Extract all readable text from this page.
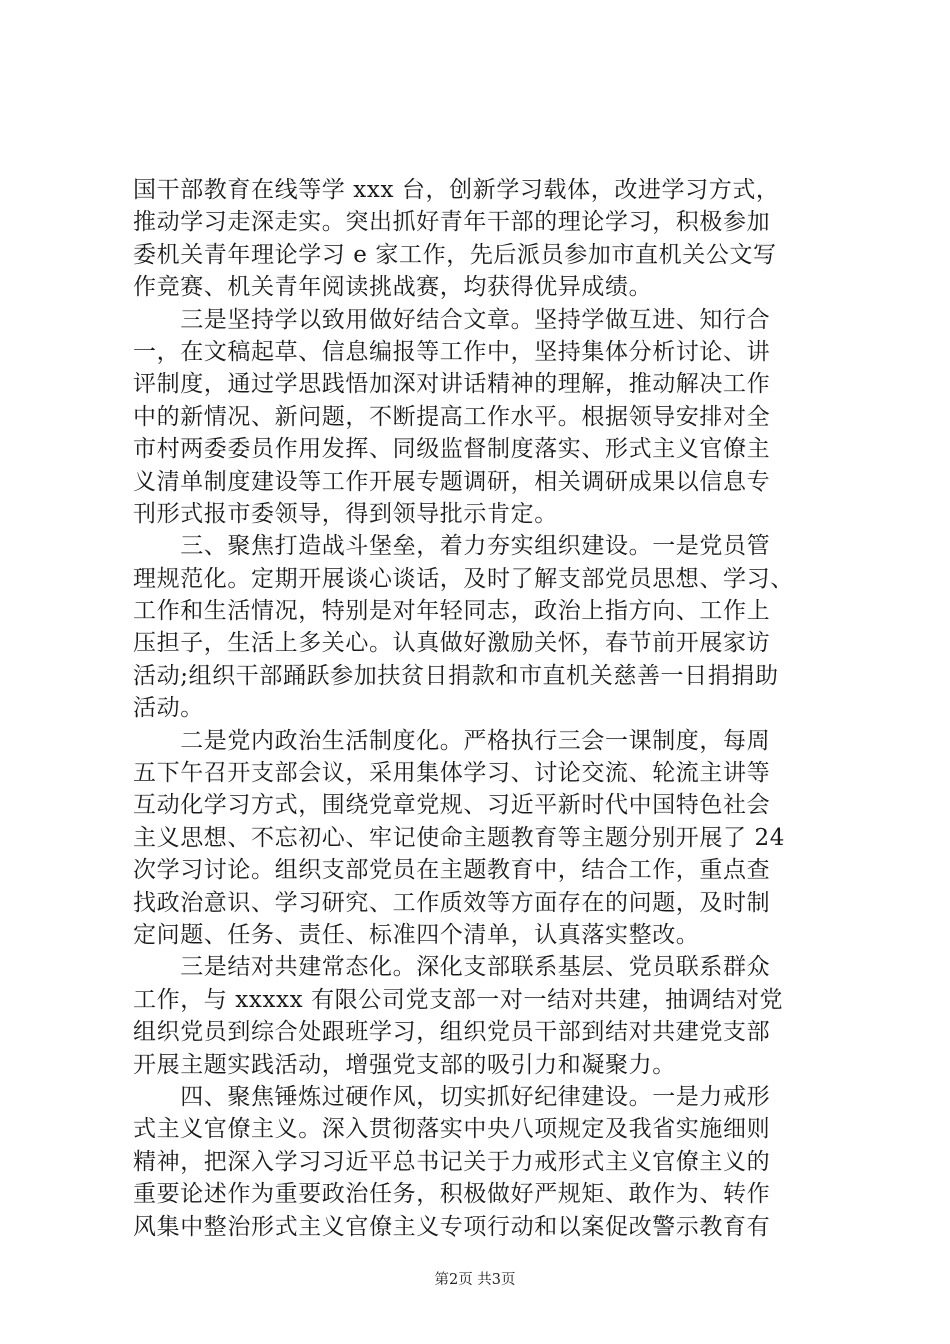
国干部教育在线等学 xxx 台，创新学习载体，改进学习方式，
推动学习走深走实。突出抓好青年干部的理论学习，积极参加
委机关青年理论学习 e 家工作，先后派员参加市直机关公文写
作竞赛、机关青年阅读挑战赛，均获得优异成绩。
　　三是坚持学以致用做好结合文章。坚持学做互进、知行合
一，在文稿起草、信息编报等工作中，坚持集体分析讨论、讲
评制度，通过学思践悟加深对讲话精神的理解，推动解决工作
中的新情况、新问题，不断提高工作水平。根据领导安排对全
市村两委委员作用发挥、同级监督制度落实、形式主义官僚主
义清单制度建设等工作开展专题调研，相关调研成果以信息专
刊形式报市委领导，得到领导批示肯定。
　　三、聚焦打造战斗堡垒，着力夯实组织建设。一是党员管
理规范化。定期开展谈心谈话，及时了解支部党员思想、学习、
工作和生活情况，特别是对年轻同志，政治上指方向、工作上
压担子，生活上多关心。认真做好激励关怀，春节前开展家访
活动;组织干部踊跃参加扶贫日捐款和市直机关慈善一日捐捐助
活动。
　　二是党内政治生活制度化。严格执行三会一课制度，每周
五下午召开支部会议，采用集体学习、讨论交流、轮流主讲等
互动化学习方式，围绕党章党规、习近平新时代中国特色社会
主义思想、不忘初心、牢记使命主题教育等主题分别开展了 24
次学习讨论。组织支部党员在主题教育中，结合工作，重点查
找政治意识、学习研究、工作质效等方面存在的问题，及时制
定问题、任务、责任、标准四个清单，认真落实整改。
　　三是结对共建常态化。深化支部联系基层、党员联系群众
工作，与 xxxxx 有限公司党支部一对一结对共建，抽调结对党
组织党员到综合处跟班学习，组织党员干部到结对共建党支部
开展主题实践活动，增强党支部的吸引力和凝聚力。
　　四、聚焦锤炼过硬作风，切实抓好纪律建设。一是力戒形
式主义官僚主义。深入贯彻落实中央八项规定及我省实施细则
精神，把深入学习习近平总书记关于力戒形式主义官僚主义的
重要论述作为重要政治任务，积极做好严规矩、敢作为、转作
风集中整治形式主义官僚主义专项行动和以案促改警示教育有
第2页 共3页
